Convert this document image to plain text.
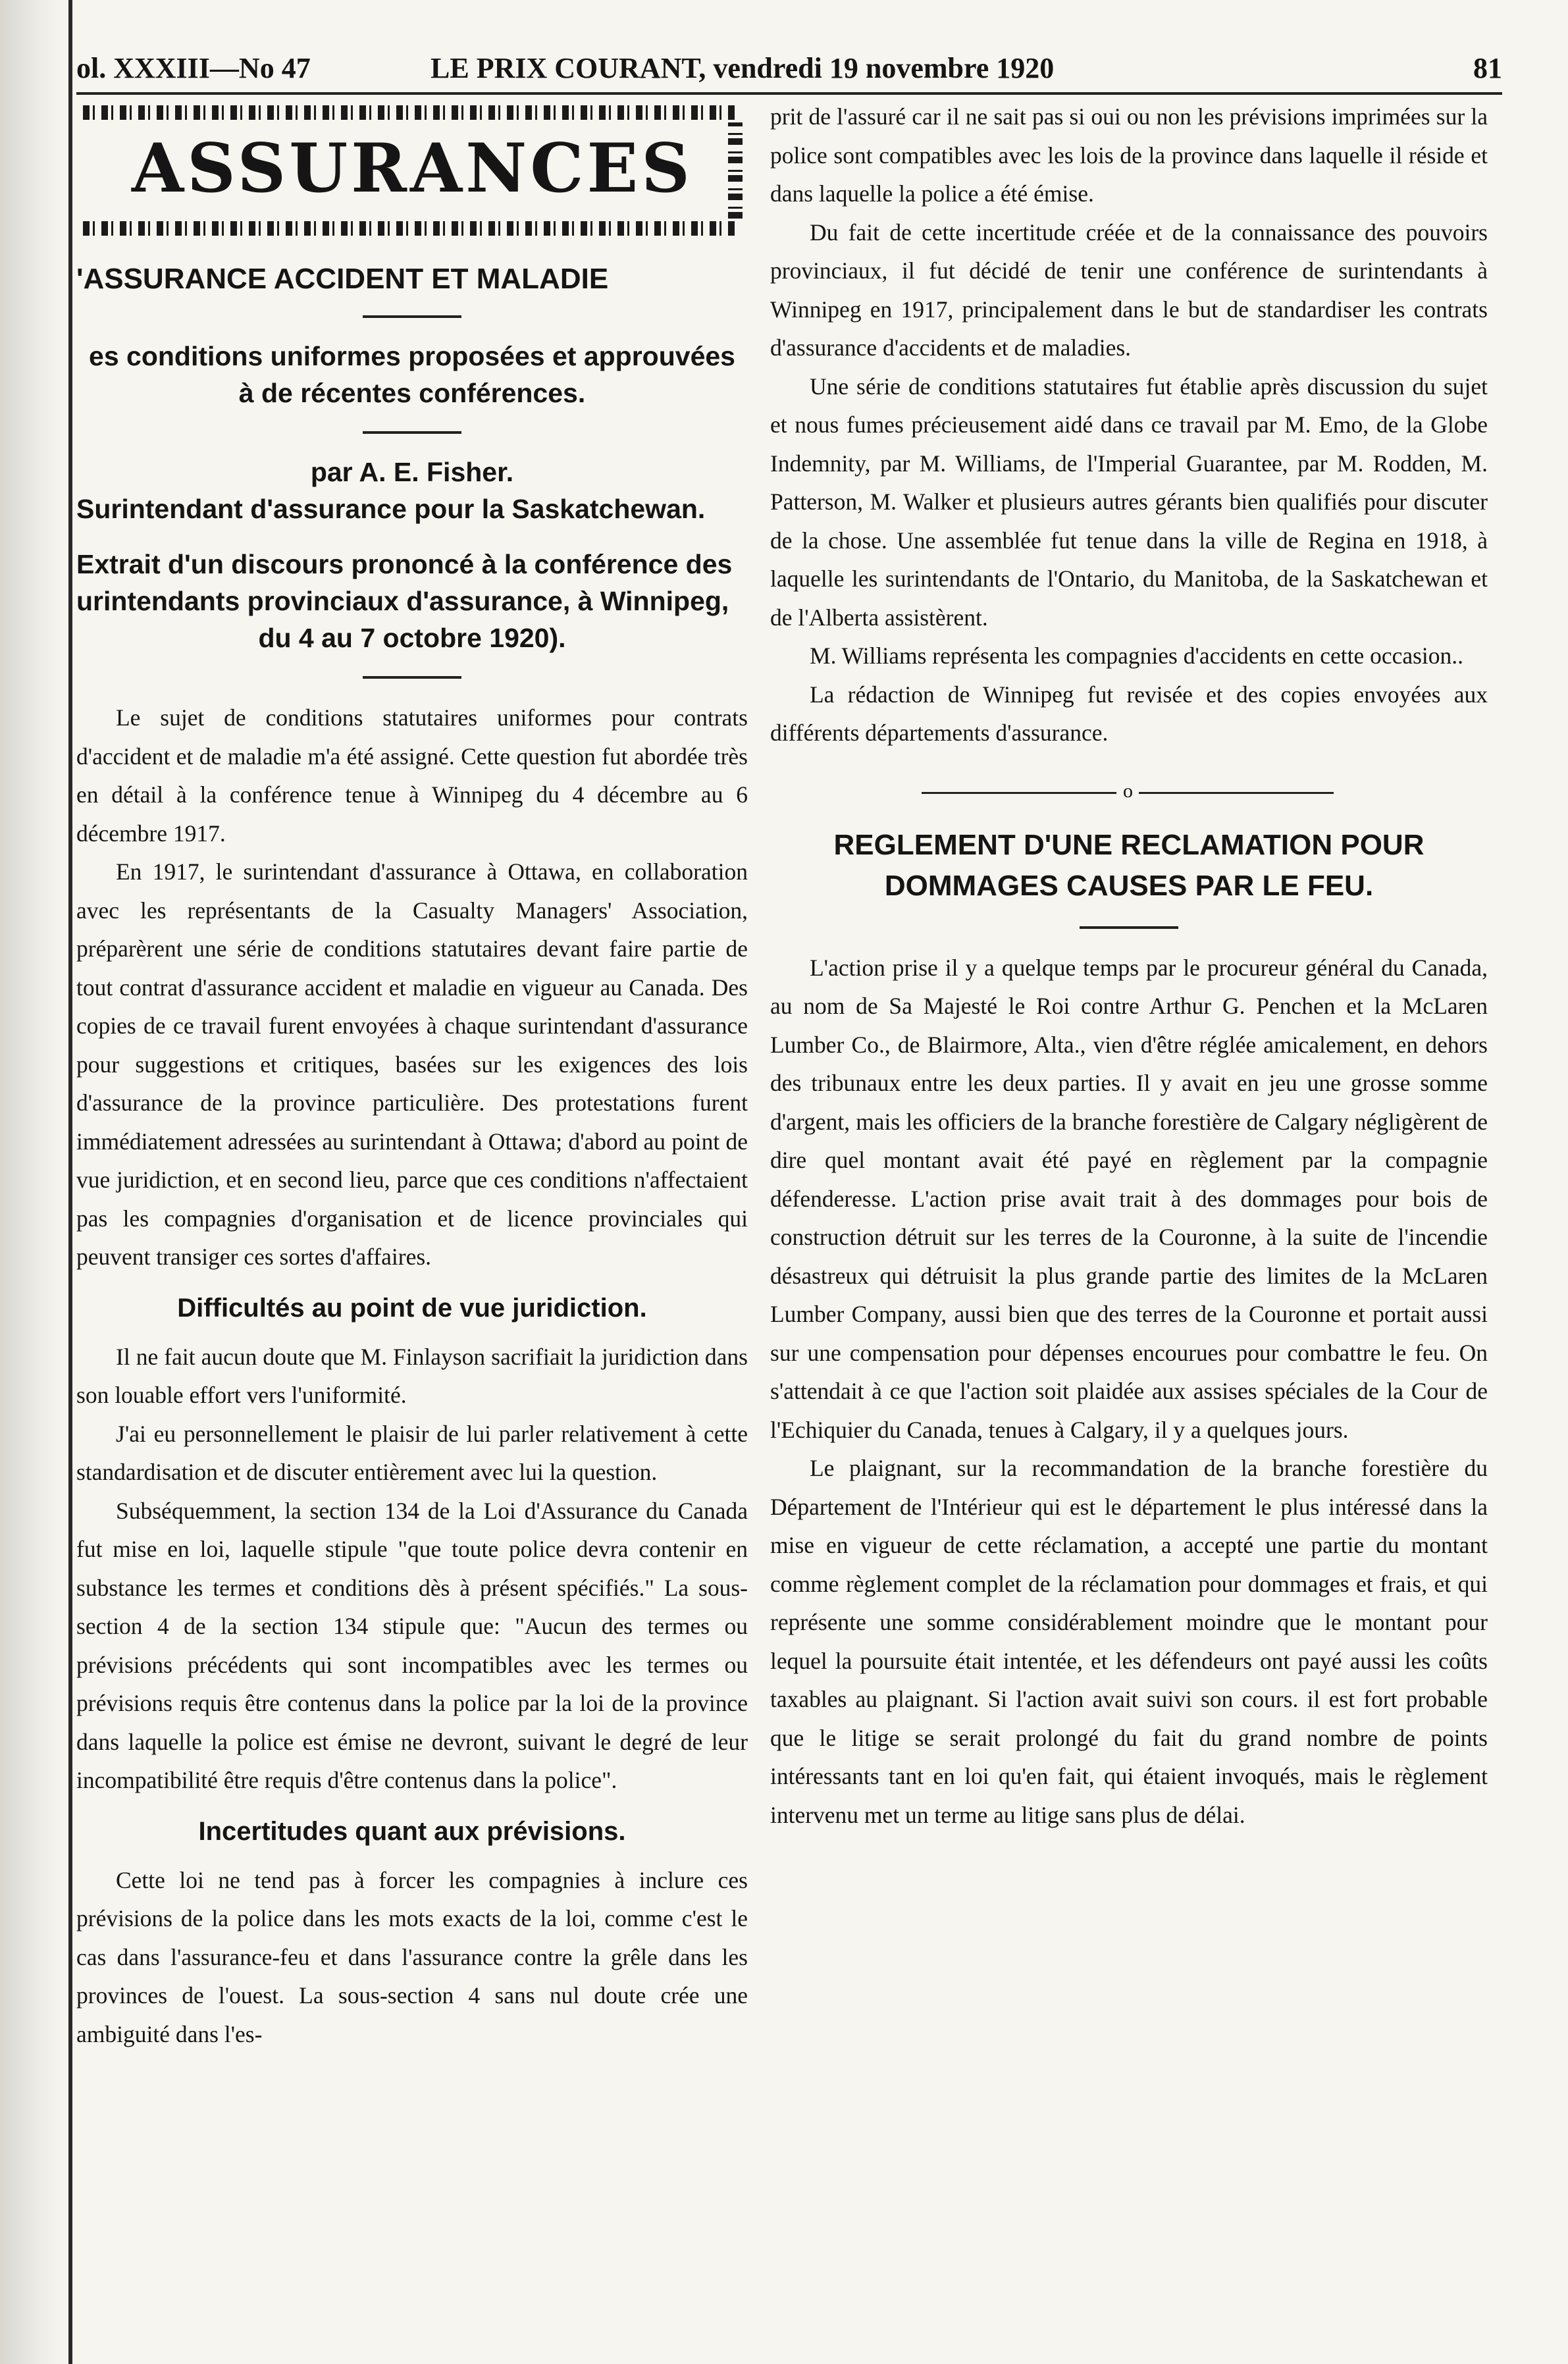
ol. XXXIII—No 47	LE PRIX COURANT, vendredi 19 novembre 1920	81
ASSURANCES
'ASSURANCE ACCIDENT ET MALADIE

es conditions uniformes proposées et approuvées

à de récentes conférences.

par A. E. Fisher.

Surintendant d'assurance pour la Saskatchewan.

Extrait d'un discours prononcé à la conférence des
urintendants provinciaux d'assurance, à Winnipeg,
du 4 au 7 octobre 1920).

Le sujet de conditions statutaires uniformes pour contrats d'accident et de maladie m'a été assigné. Cette question fut abordée très en détail à la conférence tenue à Winnipeg du 4 décembre au 6 décembre 1917.

En 1917, le surintendant d'assurance à Ottawa, en collaboration avec les représentants de la Casualty Managers' Association, préparèrent une série de conditions statutaires devant faire partie de tout contrat d'assurance accident et maladie en vigueur au Canada. Des copies de ce travail furent envoyées à chaque surintendant d'assurance pour suggestions et critiques, basées sur les exigences des lois d'assurance de la province particulière. Des protestations furent immédiatement adressées au surintendant à Ottawa; d'abord au point de vue juridiction, et en second lieu, parce que ces conditions n'affectaient pas les compagnies d'organisation et de licence provinciales qui peuvent transiger ces sortes d'affaires.

Difficultés au point de vue juridiction.

Il ne fait aucun doute que M. Finlayson sacrifiait la juridiction dans son louable effort vers l'uniformité.

J'ai eu personnellement le plaisir de lui parler relativement à cette standardisation et de discuter entièrement avec lui la question.

Subséquemment, la section 134 de la Loi d'Assurance du Canada fut mise en loi, laquelle stipule "que toute police devra contenir en substance les termes et conditions dès à présent spécifiés." La sous-section 4 de la section 134 stipule que: "Aucun des termes ou prévisions précédents qui sont incompatibles avec les termes ou prévisions requis être contenus dans la police par la loi de la province dans laquelle la police est émise ne devront, suivant le degré de leur incompatibilité être requis d'être contenus dans la police".

Incertitudes quant aux prévisions.

Cette loi ne tend pas à forcer les compagnies à inclure ces prévisions de la police dans les mots exacts de la loi, comme c'est le cas dans l'assurance-feu et dans l'assurance contre la grêle dans les provinces de l'ouest. La sous-section 4 sans nul doute crée une ambiguité dans l'es-

prit de l'assuré car il ne sait pas si oui ou non les prévisions imprimées sur la police sont compatibles avec les lois de la province dans laquelle il réside et dans laquelle la police a été émise.

Du fait de cette incertitude créée et de la connaissance des pouvoirs provinciaux, il fut décidé de tenir une conférence de surintendants à Winnipeg en 1917, principalement dans le but de standardiser les contrats d'assurance d'accidents et de maladies.

Une série de conditions statutaires fut établie après discussion du sujet et nous fumes précieusement aidé dans ce travail par M. Emo, de la Globe Indemnity, par M. Williams, de l'Imperial Guarantee, par M. Rodden, M. Patterson, M. Walker et plusieurs autres gérants bien qualifiés pour discuter de la chose. Une assemblée fut tenue dans la ville de Regina en 1918, à laquelle les surintendants de l'Ontario, du Manitoba, de la Saskatchewan et de l'Alberta assistèrent.

M. Williams représenta les compagnies d'accidents en cette occasion..

La rédaction de Winnipeg fut revisée et des copies envoyées aux différents départements d'assurance.

o
REGLEMENT D'UNE RECLAMATION POUR
DOMMAGES CAUSES PAR LE FEU.

L'action prise il y a quelque temps par le procureur général du Canada, au nom de Sa Majesté le Roi contre Arthur G. Penchen et la McLaren Lumber Co., de Blairmore, Alta., vien d'être réglée amicalement, en dehors des tribunaux entre les deux parties. Il y avait en jeu une grosse somme d'argent, mais les officiers de la branche forestière de Calgary négligèrent de dire quel montant avait été payé en règlement par la compagnie défenderesse. L'action prise avait trait à des dommages pour bois de construction détruit sur les terres de la Couronne, à la suite de l'incendie désastreux qui détruisit la plus grande partie des limites de la McLaren Lumber Company, aussi bien que des terres de la Couronne et portait aussi sur une compensation pour dépenses encourues pour combattre le feu. On s'attendait à ce que l'action soit plaidée aux assises spéciales de la Cour de l'Echiquier du Canada, tenues à Calgary, il y a quelques jours.

Le plaignant, sur la recommandation de la branche forestière du Département de l'Intérieur qui est le département le plus intéressé dans la mise en vigueur de cette réclamation, a accepté une partie du montant comme règlement complet de la réclamation pour dommages et frais, et qui représente une somme considérablement moindre que le montant pour lequel la poursuite était intentée, et les défendeurs ont payé aussi les coûts taxables au plaignant. Si l'action avait suivi son cours. il est fort probable que le litige se serait prolongé du fait du grand nombre de points intéressants tant en loi qu'en fait, qui étaient invoqués, mais le règlement intervenu met un terme au litige sans plus de délai.
